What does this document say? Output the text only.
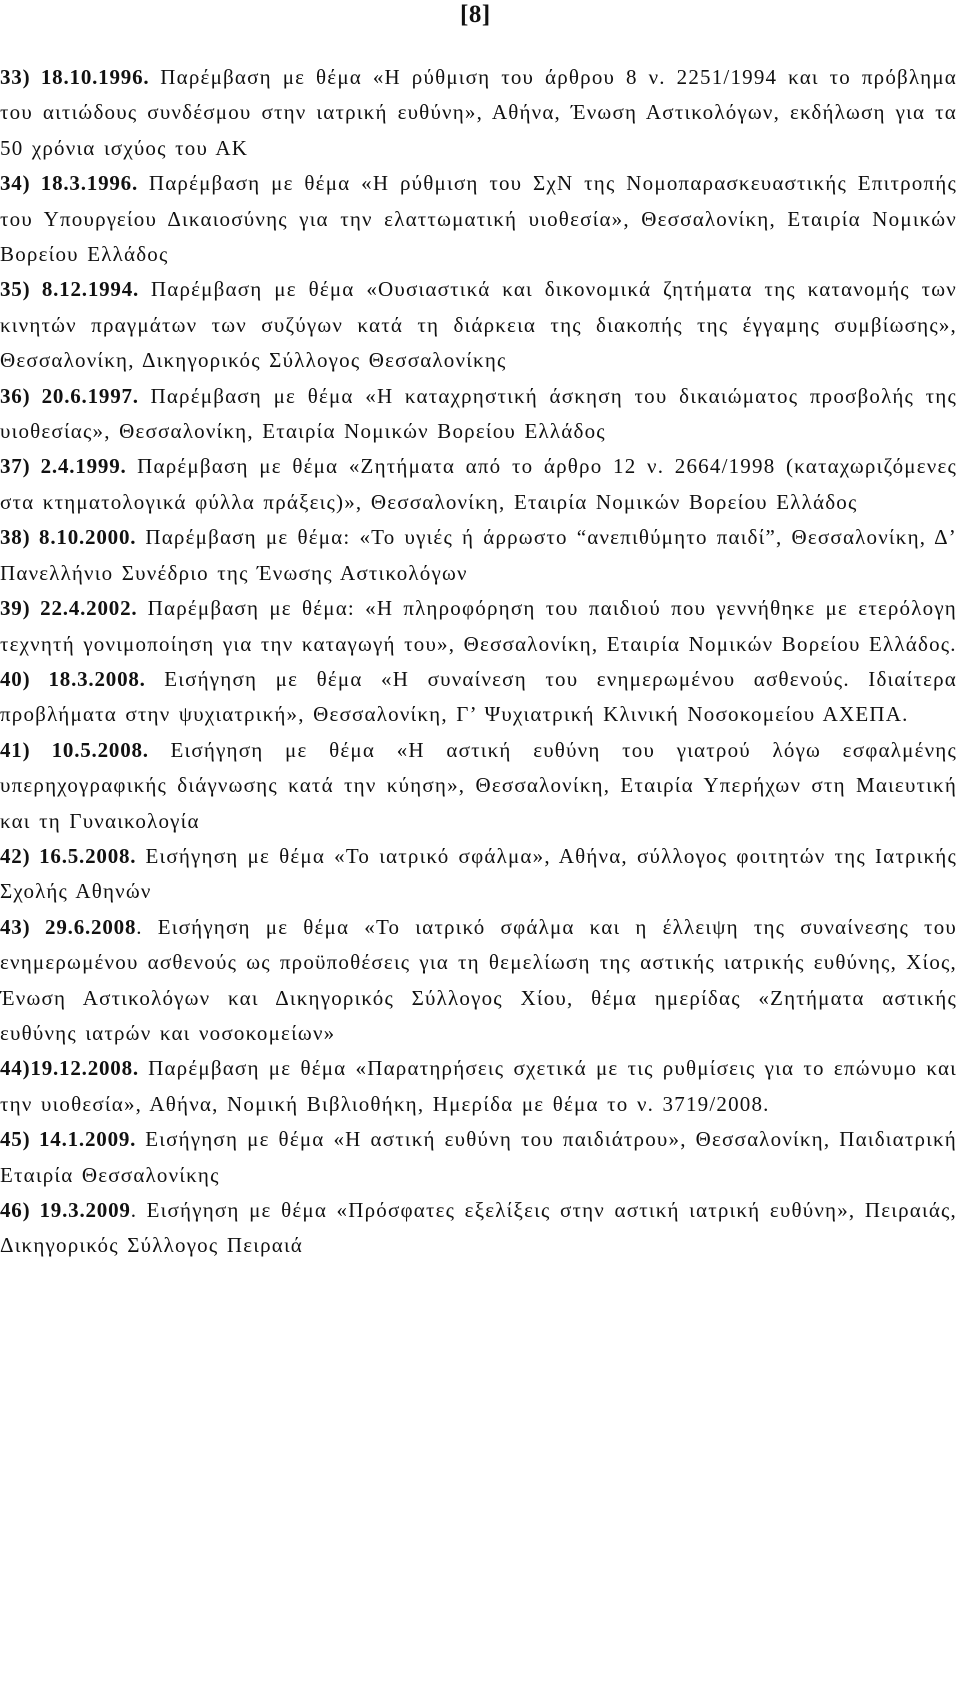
[8]

33) 18.10.1996. Παρέμβαση με θέμα «Η ρύθμιση του άρθρου 8 ν. 2251/1994 και το πρόβλημα του αιτιώδους συνδέσμου στην ιατρική ευθύνη», Αθήνα, Ένωση Αστικολόγων, εκδήλωση για τα 50 χρόνια ισχύος του ΑΚ

34) 18.3.1996. Παρέμβαση με θέμα «Η ρύθμιση του ΣχΝ της Νομοπαρασκευαστικής Επιτροπής του Υπουργείου Δικαιοσύνης για την ελαττωματική υιοθεσία», Θεσσαλονίκη, Εταιρία Νομικών Βορείου Ελλάδος

35) 8.12.1994. Παρέμβαση με θέμα «Ουσιαστικά και δικονομικά ζητήματα της κατανομής των κινητών πραγμάτων των συζύγων κατά τη διάρκεια της διακοπής της έγγαμης συμβίωσης», Θεσσαλονίκη, Δικηγορικός Σύλλογος Θεσσαλονίκης

36) 20.6.1997. Παρέμβαση με θέμα «Η καταχρηστική άσκηση του δικαιώματος προσβολής της υιοθεσίας», Θεσσαλονίκη, Εταιρία Νομικών Βορείου Ελλάδος

37) 2.4.1999. Παρέμβαση με θέμα «Ζητήματα από το άρθρο 12 ν. 2664/1998 (καταχωριζόμενες στα κτηματολογικά φύλλα πράξεις)», Θεσσαλονίκη, Εταιρία Νομικών Βορείου Ελλάδος

38) 8.10.2000. Παρέμβαση με θέμα: «Το υγιές ή άρρωστο “ανεπιθύμητο παιδί”, Θεσσαλονίκη, Δ’ Πανελλήνιο Συνέδριο της Ένωσης Αστικολόγων

39) 22.4.2002. Παρέμβαση με θέμα: «Η πληροφόρηση του παιδιού που γεννήθηκε με ετερόλογη τεχνητή γονιμοποίηση για την καταγωγή του», Θεσσαλονίκη, Εταιρία Νομικών Βορείου Ελλάδος.

40) 18.3.2008. Εισήγηση με θέμα «Η συναίνεση του ενημερωμένου ασθενούς. Ιδιαίτερα προβλήματα στην ψυχιατρική», Θεσσαλονίκη, Γ’ Ψυχιατρική Κλινική Νοσοκομείου ΑΧΕΠΑ.

41) 10.5.2008. Εισήγηση με θέμα «Η αστική ευθύνη του γιατρού λόγω εσφαλμένης υπερηχογραφικής διάγνωσης κατά την κύηση», Θεσσαλονίκη, Εταιρία Υπερήχων στη Μαιευτική και τη Γυναικολογία

42) 16.5.2008. Εισήγηση με θέμα «Το ιατρικό σφάλμα», Αθήνα, σύλλογος φοιτητών της Ιατρικής Σχολής Αθηνών

43) 29.6.2008. Εισήγηση με θέμα «Το ιατρικό σφάλμα και η έλλειψη της συναίνεσης του ενημερωμένου ασθενούς ως προϋποθέσεις για τη θεμελίωση της αστικής ιατρικής ευθύνης, Χίος, Ένωση Αστικολόγων και Δικηγορικός Σύλλογος Χίου, θέμα ημερίδας «Ζητήματα αστικής ευθύνης ιατρών και νοσοκομείων»

44)19.12.2008. Παρέμβαση με θέμα «Παρατηρήσεις σχετικά με τις ρυθμίσεις για το επώνυμο και την υιοθεσία», Αθήνα, Νομική Βιβλιοθήκη, Ημερίδα με θέμα το ν. 3719/2008.

45) 14.1.2009. Εισήγηση με θέμα «Η αστική ευθύνη του παιδιάτρου», Θεσσαλονίκη, Παιδιατρική Εταιρία Θεσσαλονίκης

46) 19.3.2009. Εισήγηση με θέμα «Πρόσφατες εξελίξεις στην αστική ιατρική ευθύνη», Πειραιάς, Δικηγορικός Σύλλογος Πειραιά
